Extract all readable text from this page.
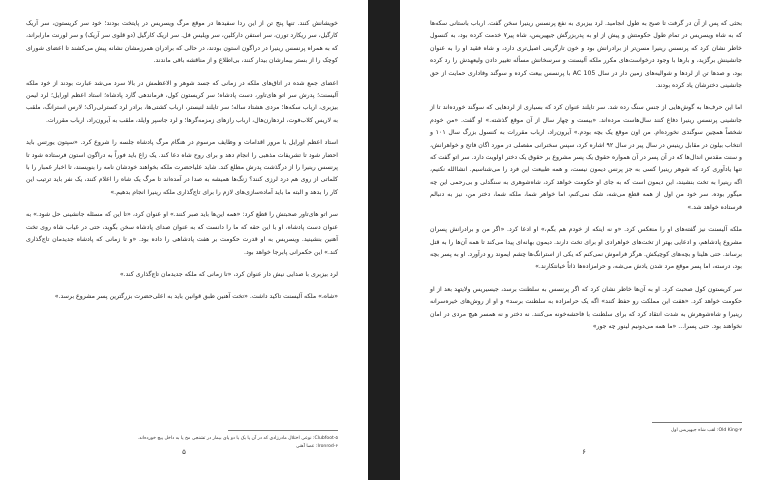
خویشانش کنند. تنها پنج تن از این ردا سفیدها در موقع مرگ ویسریس در پایتخت بودند؛ خود سر کریستون، سر آریک کارگیل، سر ریکارد تورن، سر استفن دارکلین، سر ویلیس فل. سر اریک کارگیل (دو قلوی سر آریک) و سر لورنت مارابراند، که به همراه پرنسس رینیرا در دراگون استون بودند، در حالی که برادران همرزمشان نشانه پیش می‌کشند تا اعضای شورای کوچک را از بستر بیمارشان بیدار کنند، بی‌اطلاع و از مناقشه باقی ماندند.

اعضای جمع شده در اتاق‌های ملکه در زمانی که جسد شوهر و الاعظمش در بالا سرد می‌شد عبارت بودند از خود ملکه آلیسنت؛ پدرش سر اتو های‌تاور، دست پادشاه؛ سر کریستون کول، فرماندهی گارد پادشاه؛ استاد اعظم اورایل؛ لرد لیمن بیزبری، ارباب سکه‌ها؛ مردی هشتاد ساله؛ سر تایلند لنیستر، ارباب کشتی‌ها، برادر لرد کسترلی‌راک؛ لارس استرانگ، ملقب به لاریس کلاب‌فوت، لردهارن‌هال، ارباب رازهای زمزمه‌گرها؛ و لرد جاسپر وایلد، ملقب به آیرون‌راد، ارباب مقررات.

استاد اعظم اورایل با مرور اقدامات و وظایف مرسوم در هنگام مرگ پادشاه جلسه را شروع کرد. «سپتون یورتس باید احضار شود تا تشریفات مذهبی را انجام دهد و برای روح شاه دعا کند. یک زاغ باید فوراً به دراگون استون فرستاده شود تا پرنسس رینیرا را از درگذشت پدرش مطلع کند. شاید علیاحضرت ملکه بخواهند خودشان نامه را بنویسند، تا اخبار غمبار را با کلماتی از روی هم درد لرزی کنند؟ زنگ‌ها همیشه به صدا در آمده‌اند تا مرگ یک شاه را اعلام کنند، یک نفر باید ترتیب این کار را بدهد و البته ما باید آماده‌سازی‌های لازم را برای تاج‌گذاری ملکه رینیرا انجام بدهیم.»

سر اتو های‌تاور صحبتش را قطع کرد: «همه این‌ها باید صبر کنند.» او عنوان کرد، «تا این که مسئله جانشینی حل شود.» به عنوان دست پادشاه، او با این حقه که ما را دانست که به عنوان صدای پادشاه سخن بگوید، حتی در غیاب شاه روی تخت آهنین بنشینید. ویسریس به او قدرت حکومت بر هفت پادشاهی را داده بود. «و تا زمانی که پادشاه جدیدمان تاج‌گذاری کند.» این حکمرانی پابرجا خواهد بود.

لرد بیزبری با صدایی نیش دار عنوان کرد، «تا زمانی که ملکه جدیدمان تاج‌گذاری کند.»

«شاه،» ملکه آلیسنت تاکید داشت. «تخت آهنین طبق قوانین باید به اعلی‌حضرت بزرگترین پسر مشروع برسد.»

۵-Clubfoot: نوعی اختلال مادرزادی که در آن پا یک یا دو پای بیمار در تشنجی مخ پا به داخل پیچ خورده‌اند.

۶-Ironrod: عصا آهنی

۵

بحثی که پس از آن در گرفت تا صبح به طول انجامید. لرد بیزبری به نفع پرنسس رینیرا سخن گفت. ارباب باستانی سکه‌ها که به شاه ویسریس در تمام طول حکومتش و پیش از او به پدربزرگش جیهیریس، شاه پیر۷ خدمت کرده بود، به کنسول خاطر نشان کرد که پرنسس رینیرا مسن‌تر از برادرانش بود و خون تارگرینی اصیل‌تری دارد، و شاه فقید او را به عنوان جانشینش برگزید، و بارها با وجود درخواست‌های مکرر ملکه آلیسنت و سرسخانش مسأله تغییر دادن ولیعهدش را رد کرده بود، و صدها تن از لردها و شوالیه‌های زمین دار در سال 105 AC با پرنسس بیعت کرده و سوگند وفاداری حمایت از حق جانشینی دخترشان یاد کرده بودند.

اما این حرف‌ها به گوش‌هایی از جنس سنگ رده شد. سر تایلند عنوان کرد که بسیاری از لردهایی که سوگند خورده‌اند تا از جانشینی پرنسس رینیرا دفاع کنند سال‌هاست مرده‌اند. «بیست و چهار سال از آن موقع گذشته.» او گفت. «من خودم شخصاً همچین سوگندی نخورده‌ام. من اون موقع یک بچه بودم.» آیرون‌راد، ارباب مقررات به کنسول بزرگ سال ۱۰۱ و انتخاب بیلون در مقابل رینیس در سال پیر در سال ۹۲ اشاره کرد، سپس سخنرانی مفصلی در مورد اگان فاتح و خواهرانش، و سنت مقدس اندال‌ها که در آن پسر در آن همواره حقوق یک پسر مشروع بر حقوق یک دختر اولویت دارد. سر اتو گفت که تنها یادآوری کرد که شوهر رینیرا کسی به جز پرنس دیمون نیست، و همه طبیعت این فرد را می‌شناسیم. انشاالله نکنیم، اگه رینیرا به تخت بنشیند، این دیمون است که به جای او حکومت خواهد کرد، شاه‌شوهری به سنگدلی و بی‌رحمی این چه میگور بوده. سر خود من اول از همه قطع می‌شه، شک نمی‌کنم، اما خواهر شما، ملکه شما، دختر من، نیز به دنبالم فرستاده خواهد شد.»

ملکه آلیسنت نیز گفته‌های او را منعکس کرد. «و نه اینکه از خودم هم بگم،» او ادعا کرد. «اگر من و برادرانش پسران مشروع پادشاهم، و ادعایی بهتر از تخت‌های خواهرادی او برای تخت دارند. دیمون بهانه‌ای پیدا می‌کند تا همه آن‌ها را به قتل برساند. حتی هلینا و بچه‌های کوچیکش. هرگز فراموش نمی‌کنم که یکی از استرانگ‌ها چشم ایموند رو درآورد. او به پسر بچه بود، درسته، اما پسر موقع مرد شدن یادش می‌شه، و حرامزاده‌ها ذاتاً خیانتکارند.»

سر کریستون کول صحبت کرد. او به آن‌ها خاطر نشان کرد که اگر پرنسس به سلطنت برسد، جیسیریس ولایتهد بعد از او حکومت خواهد کرد. «هفت این مملکت رو حفظ کنند» اگه یک حرامزاده به سلطنت برسد» و او از روش‌های خیره‌سرانه رینیرا و شاه‌شوهرش به شدت انتقاد کرد که برای سلطنت با فاحشه‌خونه می‌کنند. نه دختر و نه همسر هیچ مردی در امان نخواهند بود. حتی پسرا... «ما همه می‌دونیم لینور چه جور»

۷-Old King: لقب شاه جیهیریس اول

۶
